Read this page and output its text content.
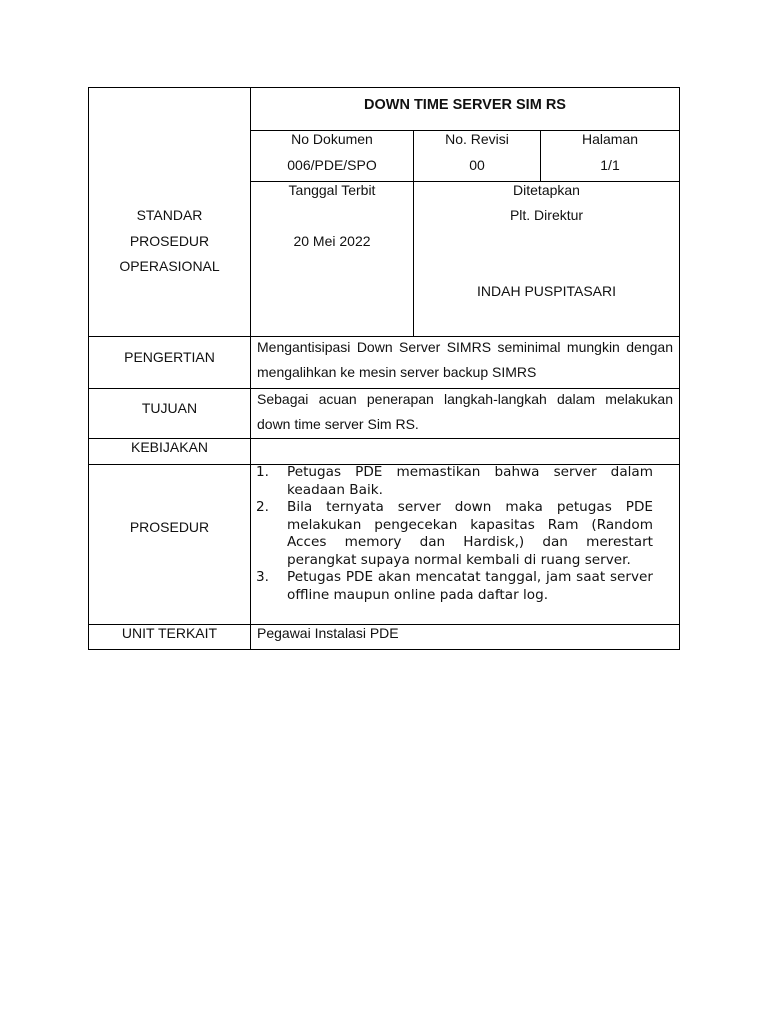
DOWN TIME SERVER SIM RS
No Dokumen
006/PDE/SPO
No. Revisi
00
Halaman
1/1
STANDAR
PROSEDUR
OPERASIONAL
Tanggal Terbit
20 Mei 2022
Ditetapkan
Plt. Direktur
INDAH PUSPITASARI
PENGERTIAN
Mengantisipasi Down Server SIMRS seminimal mungkin dengan mengalihkan ke mesin server backup SIMRS
TUJUAN
Sebagai acuan penerapan langkah-langkah dalam melakukan down time server Sim RS.
KEBIJAKAN
PROSEDUR
1. Petugas PDE memastikan bahwa server dalam keadaan Baik.
2. Bila ternyata server down maka petugas PDE melakukan pengecekan kapasitas Ram (Random Acces memory dan Hardisk,) dan merestart perangkat supaya normal kembali di ruang server.
3. Petugas PDE akan mencatat tanggal, jam saat server offline maupun online pada daftar log.
UNIT TERKAIT	Pegawai Instalasi PDE
